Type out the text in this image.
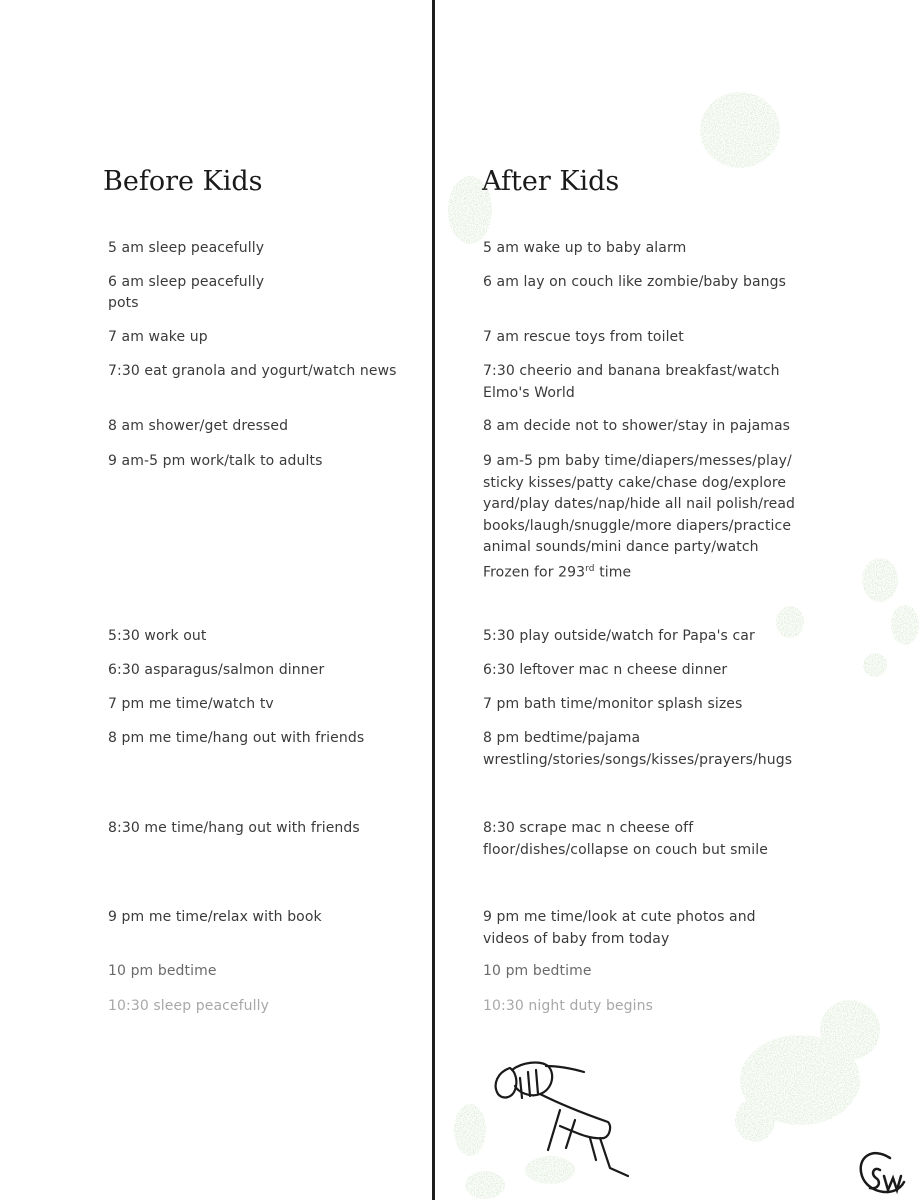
Before Kids
5 am sleep peacefully
6 am sleep peacefully
pots
7 am wake up
7:30 eat granola and yogurt/watch news
8 am shower/get dressed
9 am-5 pm work/talk to adults
5:30 work out
6:30 asparagus/salmon dinner
7 pm me time/watch tv
8 pm me time/hang out with friends
8:30 me time/hang out with friends
9 pm me time/relax with book
10 pm bedtime
10:30 sleep peacefully
After Kids
5 am wake up to baby alarm
6 am lay on couch like zombie/baby bangs
7 am rescue toys from toilet
7:30 cheerio and banana breakfast/watch Elmo's World
8 am decide not to shower/stay in pajamas
9 am-5 pm baby time/diapers/messes/play/ sticky kisses/patty cake/chase dog/explore yard/play dates/nap/hide all nail polish/read books/laugh/snuggle/more diapers/practice animal sounds/mini dance party/watch Frozen for 293rd time
5:30 play outside/watch for Papa's car
6:30 leftover mac n cheese dinner
7 pm bath time/monitor splash sizes
8 pm bedtime/pajama wrestling/stories/songs/kisses/prayers/hugs
8:30 scrape mac n cheese off floor/dishes/collapse on couch but smile
9 pm me time/look at cute photos and videos of baby from today
10 pm bedtime
10:30 night duty begins
